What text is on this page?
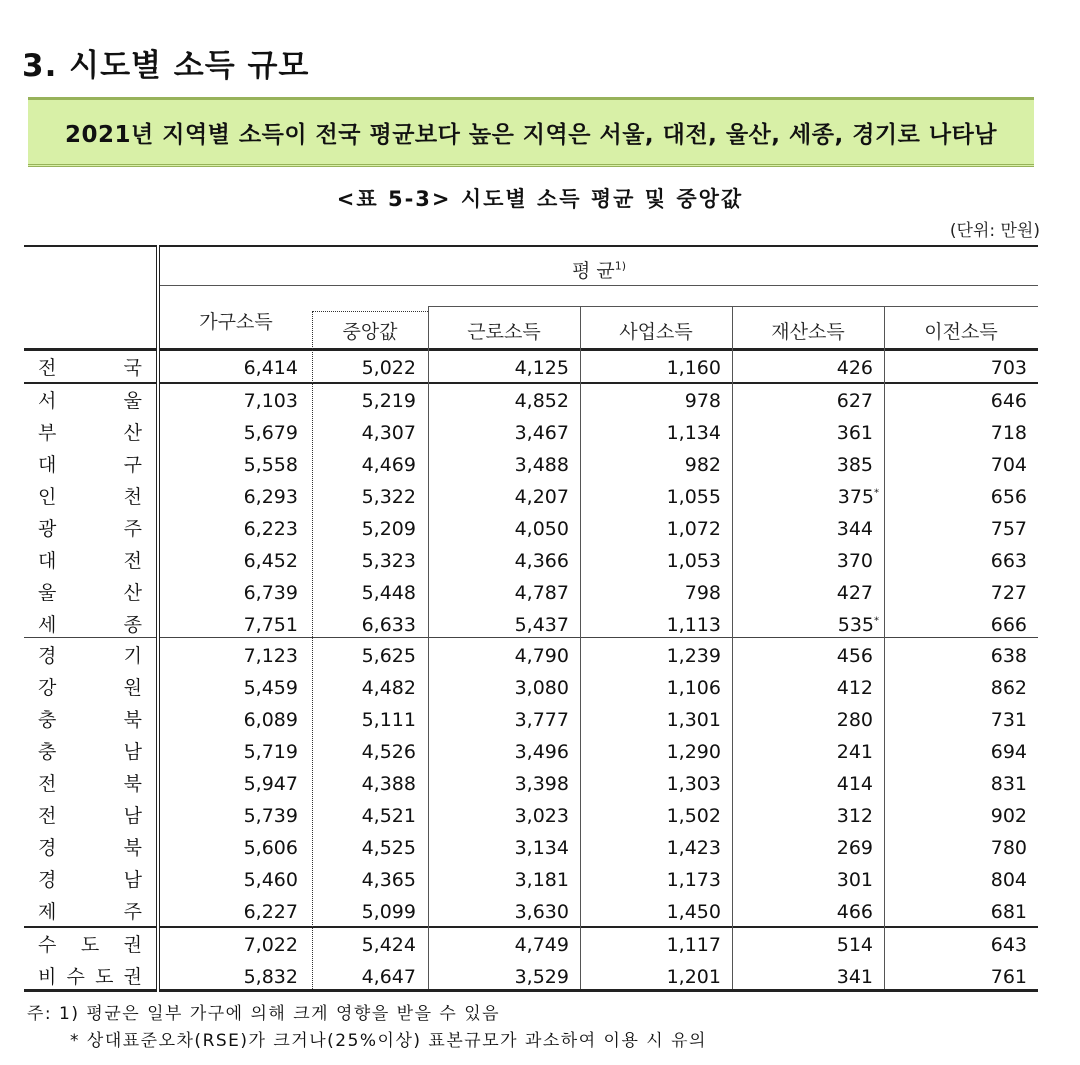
3. 시도별 소득 규모
2021년 지역별 소득이 전국 평균보다 높은 지역은 서울, 대전, 울산, 세종, 경기로 나타남
<표 5-3> 시도별 소득 평균 및 중앙값
(단위: 만원)
평 균$^{1)}$
가구소득	중앙값	근로소득	사업소득	재산소득	이전소득
전	국	6,414	5,022	4,125	1,160	426	703
서	울	7,103	5,219	4,852	978	627	646
부	산	5,679	4,307	3,467	1,134	361	718
대	구	5,558	4,469	3,488	982	385	704
인	천	6,293	5,322	4,207	1,055	375*	656
광	주	6,223	5,209	4,050	1,072	344	757
대	전	6,452	5,323	4,366	1,053	370	663
울	산	6,739	5,448	4,787	798	427	727
세	종	7,751	6,633	5,437	1,113	535*	666
경	기	7,123	5,625	4,790	1,239	456	638
강	원	5,459	4,482	3,080	1,106	412	862
충	북	6,089	5,111	3,777	1,301	280	731
충	남	5,719	4,526	3,496	1,290	241	694
전	북	5,947	4,388	3,398	1,303	414	831
전	남	5,739	4,521	3,023	1,502	312	902
경	북	5,606	4,525	3,134	1,423	269	780
경	남	5,460	4,365	3,181	1,173	301	804
제	주	6,227	5,099	3,630	1,450	466	681
수 도 권	7,022	5,424	4,749	1,117	514	643
비 수 도 권	5,832	4,647	3,529	1,201	341	761
주: 1) 평균은 일부 가구에 의해 크게 영향을 받을 수 있음
* 상대표준오차(RSE)가 크거나(25%이상) 표본규모가 과소하여 이용 시 유의
